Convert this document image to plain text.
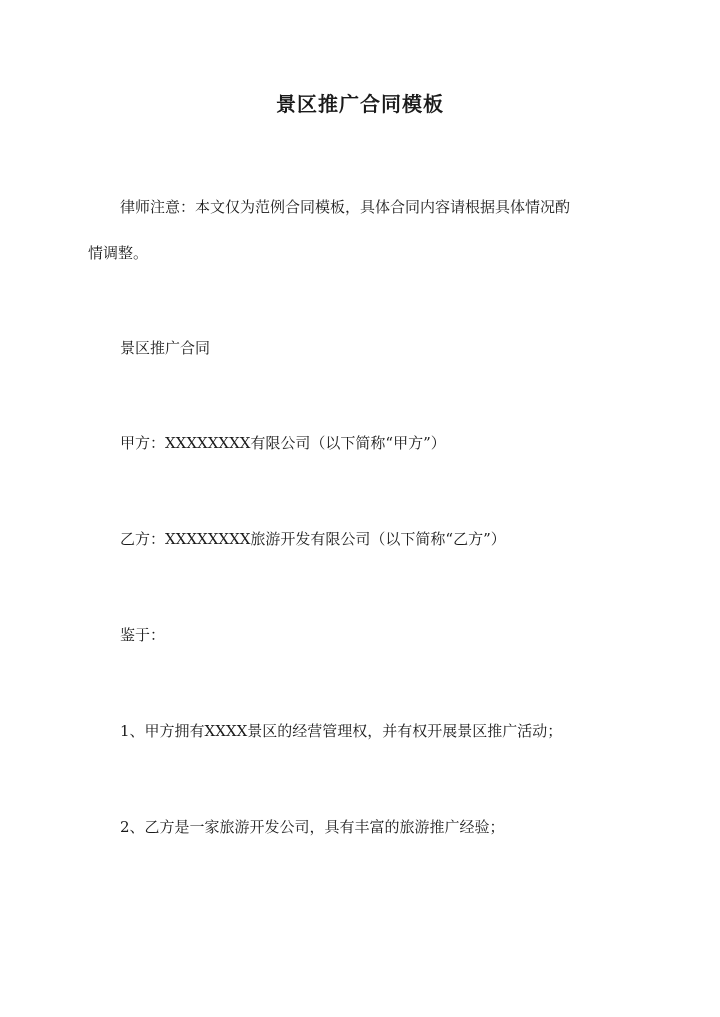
景区推广合同模板

律师注意：本文仅为范例合同模板，具体合同内容请根据具体情况酌

情调整。

景区推广合同

甲方：XXXXXXXX有限公司（以下简称“甲方”）

乙方：XXXXXXXX旅游开发有限公司（以下简称“乙方”）

鉴于：

1、甲方拥有XXXX景区的经营管理权，并有权开展景区推广活动；

2、乙方是一家旅游开发公司，具有丰富的旅游推广经验；
